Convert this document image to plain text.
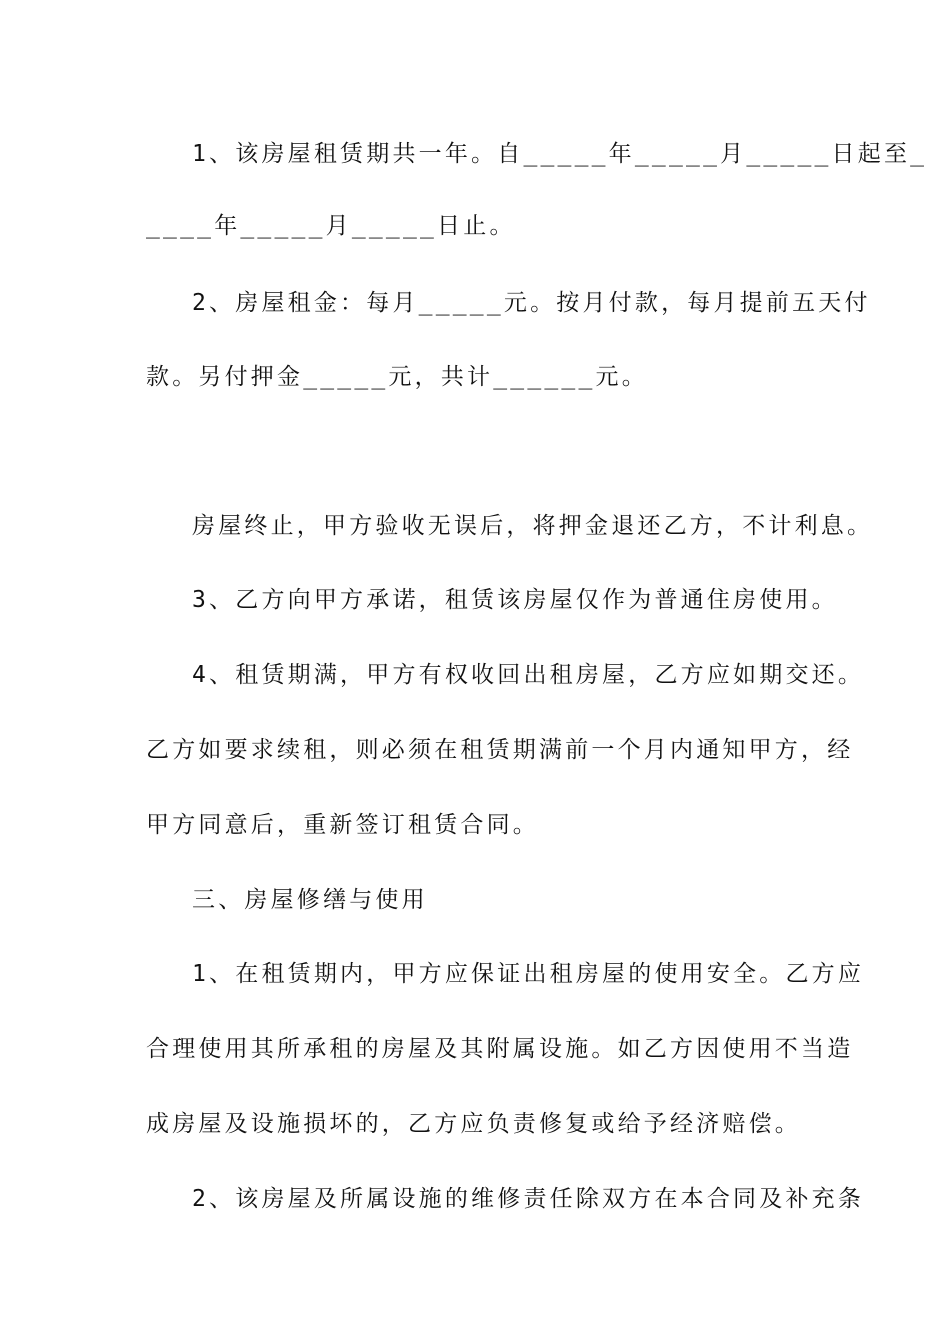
1、该房屋租赁期共一年。自_____年_____月_____日起至_
____年_____月_____日止。
2、房屋租金：每月_____元。按月付款，每月提前五天付
款。另付押金_____元，共计______元。
房屋终止，甲方验收无误后，将押金退还乙方，不计利息。
3、乙方向甲方承诺，租赁该房屋仅作为普通住房使用。
4、租赁期满，甲方有权收回出租房屋，乙方应如期交还。
乙方如要求续租，则必须在租赁期满前一个月内通知甲方，经
甲方同意后，重新签订租赁合同。
三、房屋修缮与使用
1、在租赁期内，甲方应保证出租房屋的使用安全。乙方应
合理使用其所承租的房屋及其附属设施。如乙方因使用不当造
成房屋及设施损坏的，乙方应负责修复或给予经济赔偿。
2、该房屋及所属设施的维修责任除双方在本合同及补充条
